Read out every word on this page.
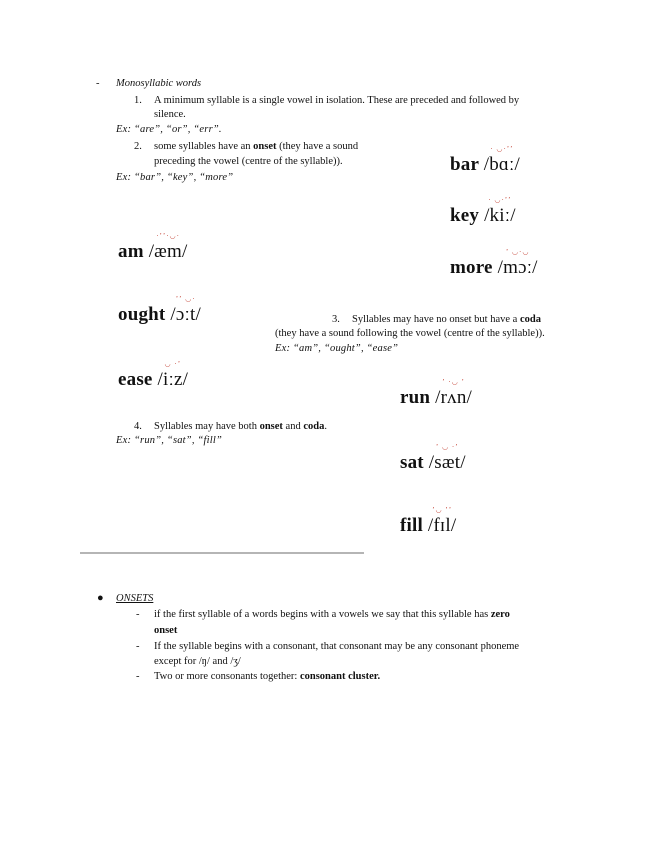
- Monosyllabic words
1. A minimum syllable is a single vowel in isolation. These are preceded and followed by
silence.
Ex: “are”, “or”, “err”.
2. some syllables have an onset (they have a sound
preceding the vowel (centre of the syllable)).
Ex: “bar”, “key”, “more”
bar
· ◡·ʼʼ
/bɑː/
key
· ◡·ʼʼ
/kiː/
more
ʼ ◡·◡
/mɔː/
am
·ʼʼ·◡·
/æm/
ought
ʼʼ ◡·
/ɔːt/
ease
◡ ·ʼ
/iːz/
3. Syllables may have no onset but have a coda
(they have a sound following the vowel (centre of the syllable)).
Ex: “am”, “ought”, “ease”
run
ʼ ·◡ ʼ
/rʌn/
sat
ʼ ◡ ·ʼ
/sæt/
fill
ʼ◡ ʼʼ
/fɪl/
4. Syllables may have both onset and coda.
Ex: “run”, “sat”, “fill”
● ONSETS
- if the first syllable of a words begins with a vowels we say that this syllable has zero
onset
- If the syllable begins with a consonant, that consonant may be any consonant phoneme
except for /ŋ/ and /ʒ/
- Two or more consonants together: consonant cluster.
